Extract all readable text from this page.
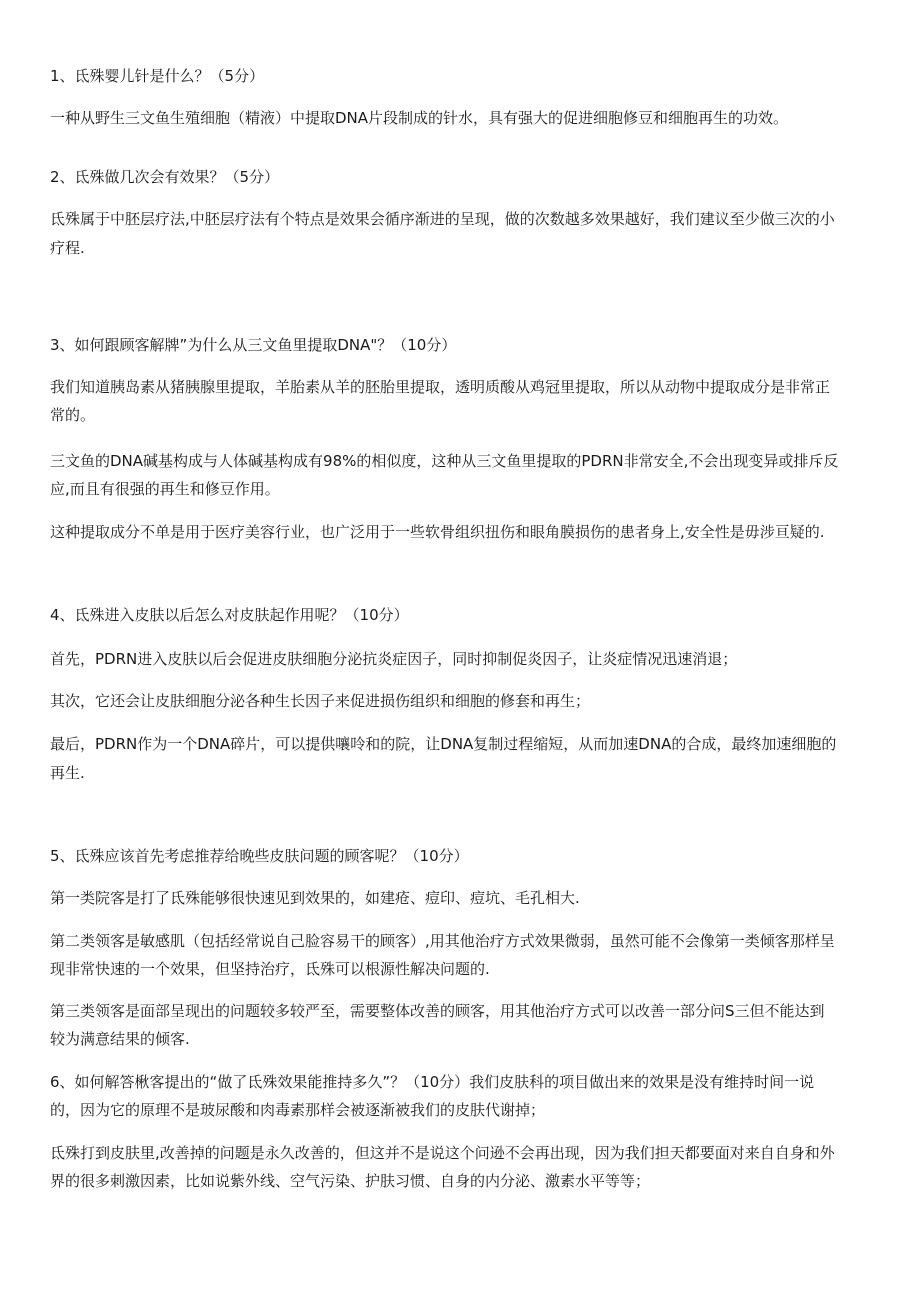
1、氐殊婴儿针是什么？（5分）
一种从野生三文鱼生殖细胞（精液）中提取DNA片段制成的针水，具有强大的促进细胞修豆和细胞再生的功效。
2、氐殊做几次会有效果？（5分）
氐殊属于中胚层疗法,中胚层疗法有个特点是效果会循序渐进的呈现，做的次数越多效果越好，我们建议至少做三次的小
疗程.
3、如何跟顾客解牌”为什么从三文鱼里提取DNA"？（10分）
我们知道胰岛素从猪胰腺里提取，羊胎素从羊的胚胎里提取，透明质酸从鸡冠里提取，所以从动物中提取成分是非常正
常的。
三文鱼的DNA碱基构成与人体碱基构成有98%的相似度，这种从三文鱼里提取的PDRN非常安全,不会出现变异或排斥反
应,而且有很强的再生和修豆作用。
这种提取成分不单是用于医疗美容行业，也广泛用于一些软骨组织扭伤和眼角膜损伤的患者身上,安全性是毋涉亘疑的.
4、氐殊进入皮肤以后怎么对皮肤起作用呢？（10分）
首先，PDRN进入皮肤以后会促进皮肤细胞分泌抗炎症因子，同时抑制促炎因子，让炎症情况迅速消退；
其次，它还会让皮肤细胞分泌各种生长因子来促进损伤组织和细胞的修套和再生；
最后，PDRN作为一个DNA碎片，可以提供嚷呤和的院，让DNA复制过程缩短，从而加速DNA的合成，最终加速细胞的
再生.
5、氐殊应该首先考虑推荐给晚些皮肤问题的顾客呢？（10分）
第一类院客是打了氐殊能够很快速见到效果的，如建疮、痘印、痘坑、毛孔相大.
第二类领客是敏感肌（包括经常说自己脸容易干的顾客）,用其他治疗方式效果微弱，虽然可能不会像第一类倾客那样呈
现非常快速的一个效果，但坚持治疗，氐殊可以根源性解决问题的.
第三类领客是面部呈现出的问题较多较严至，需要整体改善的顾客，用其他治疗方式可以改善一部分问S三但不能达到
较为满意结果的倾客.
6、如何解答楸客提出的“做了氐殊效果能推持多久”？（10分）我们皮肤科的项目做出来的效果是没有维持时间一说
的，因为它的原理不是玻尿酸和肉毒素那样会被逐渐被我们的皮肤代谢掉；
氐殊打到皮肤里,改善掉的问题是永久改善的，但这并不是说这个问逊不会再出现，因为我们担天都要面对来自自身和外
界的很多刺激因素，比如说紫外线、空气污染、护肤习惯、自身的内分泌、激素水平等等；
